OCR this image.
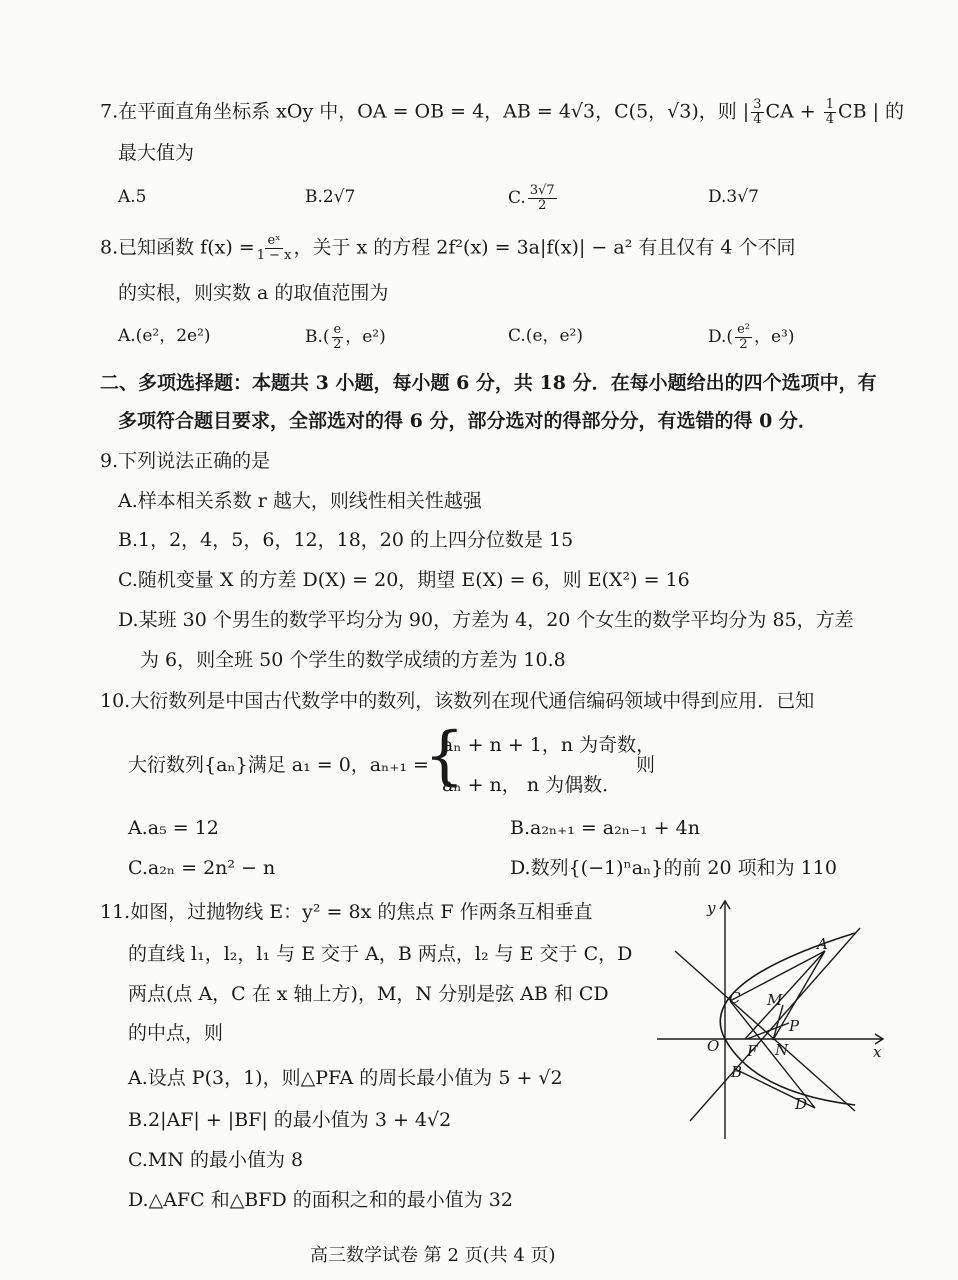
7.在平面直角坐标系 xOy 中，OA = OB = 4，AB = 4√3，C(5，√3)，则 | $\frac{3}{4}$ CA + $\frac{1}{4}$ CB | 的
最大值为
A.5	B.2√7	C. $\frac{3√7}{2}$	D.3√7
8.已知函数 $f(x) = \frac{\text{eˣ}}{1 - x}$ ，关于 x 的方程 2f²(x) = 3a|f(x)| − a² 有且仅有 4 个不同
的实根，则实数 a 的取值范围为
A.(e²，2e²)	$B.( \frac{e}{2}$ ，e²)	C.(e，e²)	$D.( \frac{\text{e²}}{2}$ ，e³)
二、多项选择题：本题共 3 小题，每小题 6 分，共 18 分．在每小题给出的四个选项中，有
多项符合题目要求，全部选对的得 6 分，部分选对的得部分分，有选错的得 0 分．
9.下列说法正确的是
A.样本相关系数 r 越大，则线性相关性越强
B.1，2，4，5，6，12，18，20 的上四分位数是 15
C.随机变量 X 的方差 D(X) = 20，期望 E(X) = 6，则 E(X²) = 16
D.某班 30 个男生的数学平均分为 90，方差为 4，20 个女生的数学平均分为 85，方差
为 6，则全班 50 个学生的数学成绩的方差为 10.8
10.大衍数列是中国古代数学中的数列，该数列在现代通信编码领域中得到应用．已知
大衍数列{aₙ}满足 a₁ = 0，aₙ₊₁ =
{
aₙ + n + 1，n 为奇数，
aₙ + n， n 为偶数．
则
A.a₅ = 12	B.a₂ₙ₊₁ = a₂ₙ₋₁ + 4n
C.a₂ₙ = 2n² − n	D.数列{(−1)ⁿaₙ}的前 20 项和为 110
11.如图，过抛物线 E：y² = 8x 的焦点 F 作两条互相垂直
的直线 l₁，l₂，l₁ 与 E 交于 A，B 两点，l₂ 与 E 交于 C，D
两点(点 A，C 在 x 轴上方)，M，N 分别是弦 AB 和 CD
的中点，则
A.设点 P(3，1)，则△PFA 的周长最小值为 5 + √2
B.2|AF| + |BF| 的最小值为 3 + 4√2
C.MN 的最小值为 8
D.△AFC 和△BFD 的面积之和的最小值为 32
y
x
O
A
B
C
D
M
N
P
F
高三数学试卷 第 2 页(共 4 页)
